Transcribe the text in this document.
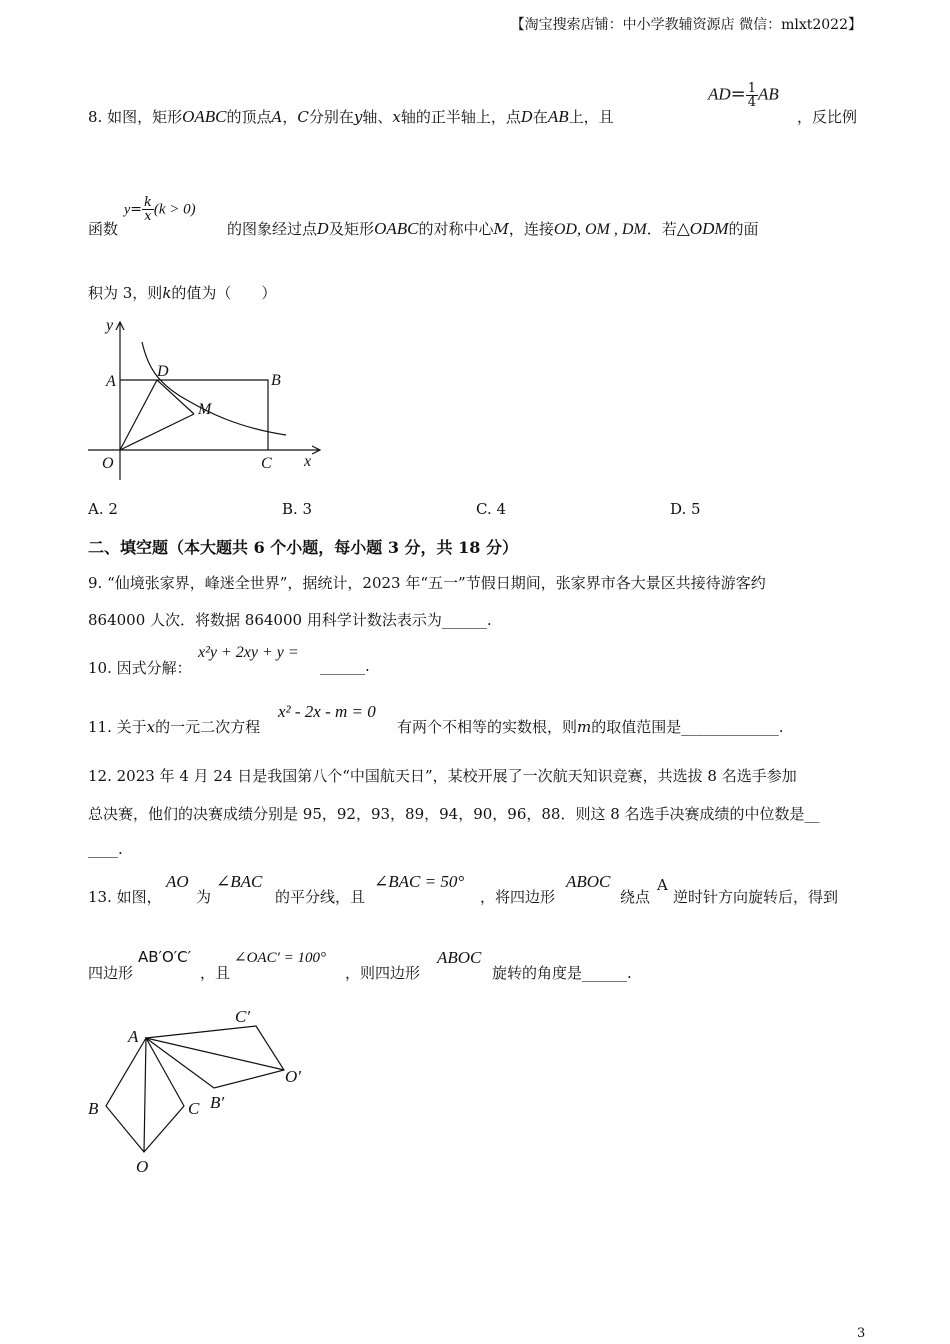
【淘宝搜索店铺：中小学教辅资源店 微信：mlxt2022】
8. 如图，矩形OABC的顶点A，C分别在y轴、x轴的正半轴上，点D在AB上，且
$AD= \frac{1}{4}$ AB
，反比例
函数
$y= \frac{k}{x} (k > 0)$
的图象经过点D及矩形OABC的对称中心M，连接OD, OM , DM．若△ODM的面
积为 3，则k的值为（　　）
y
A
D
B
M
O	C x
A. 2	B. 3	C. 4	D. 5
二、填空题（本大题共 6 个小题，每小题 3 分，共 18 分）
9. “仙境张家界，峰迷全世界”，据统计，2023 年“五一”节假日期间，张家界市各大景区共接待游客约
864000 人次．将数据 864000 用科学计数法表示为______.
10. 因式分解：
x²y + 2xy + y =
______.
11. 关于x的一元二次方程
x² - 2x - m = 0
有两个不相等的实数根，则m的取值范围是_____________.
12. 2023 年 4 月 24 日是我国第八个“中国航天日”，某校开展了一次航天知识竞赛，共选拔 8 名选手参加
总决赛，他们的决赛成绩分别是 95，92，93，89，94，90，96，88．则这 8 名选手决赛成绩的中位数是__
____.
13. 如图，
AO
为
∠BAC
的平分线，且
∠BAC = 50°
，将四边形
ABOC
绕点
A
逆时针方向旋转后，得到
四边形
AB′O′C′
，且
∠OAC′ = 100°
，则四边形
ABOC
旋转的角度是______.
C′
A
O′
B′
B	C
O
3
